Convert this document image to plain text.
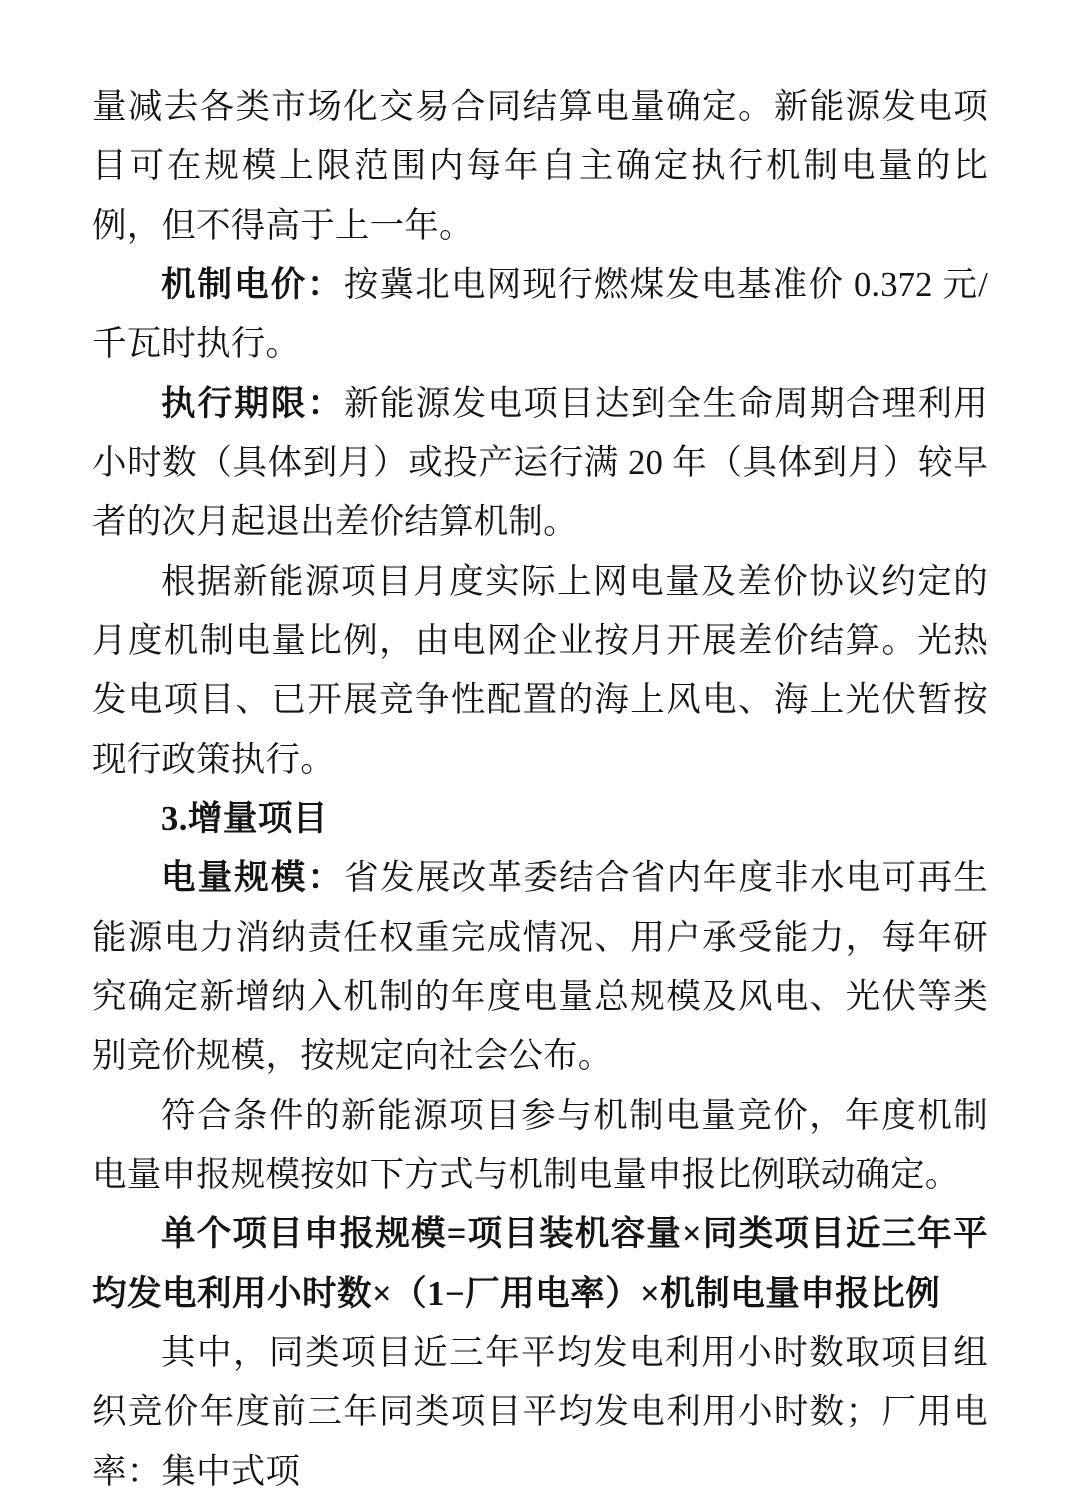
量减去各类市场化交易合同结算电量确定。新能源发电项目可在规模上限范围内每年自主确定执行机制电量的比例，但不得高于上一年。

机制电价：按冀北电网现行燃煤发电基准价 0.372 元/千瓦时执行。

执行期限：新能源发电项目达到全生命周期合理利用小时数（具体到月）或投产运行满 20 年（具体到月）较早者的次月起退出差价结算机制。

根据新能源项目月度实际上网电量及差价协议约定的月度机制电量比例，由电网企业按月开展差价结算。光热发电项目、已开展竞争性配置的海上风电、海上光伏暂按现行政策执行。

3.增量项目

电量规模：省发展改革委结合省内年度非水电可再生能源电力消纳责任权重完成情况、用户承受能力，每年研究确定新增纳入机制的年度电量总规模及风电、光伏等类别竞价规模，按规定向社会公布。

符合条件的新能源项目参与机制电量竞价，年度机制电量申报规模按如下方式与机制电量申报比例联动确定。

单个项目申报规模=项目装机容量×同类项目近三年平均发电利用小时数×（1−厂用电率）×机制电量申报比例

其中，同类项目近三年平均发电利用小时数取项目组织竞价年度前三年同类项目平均发电利用小时数；厂用电率：集中式项
